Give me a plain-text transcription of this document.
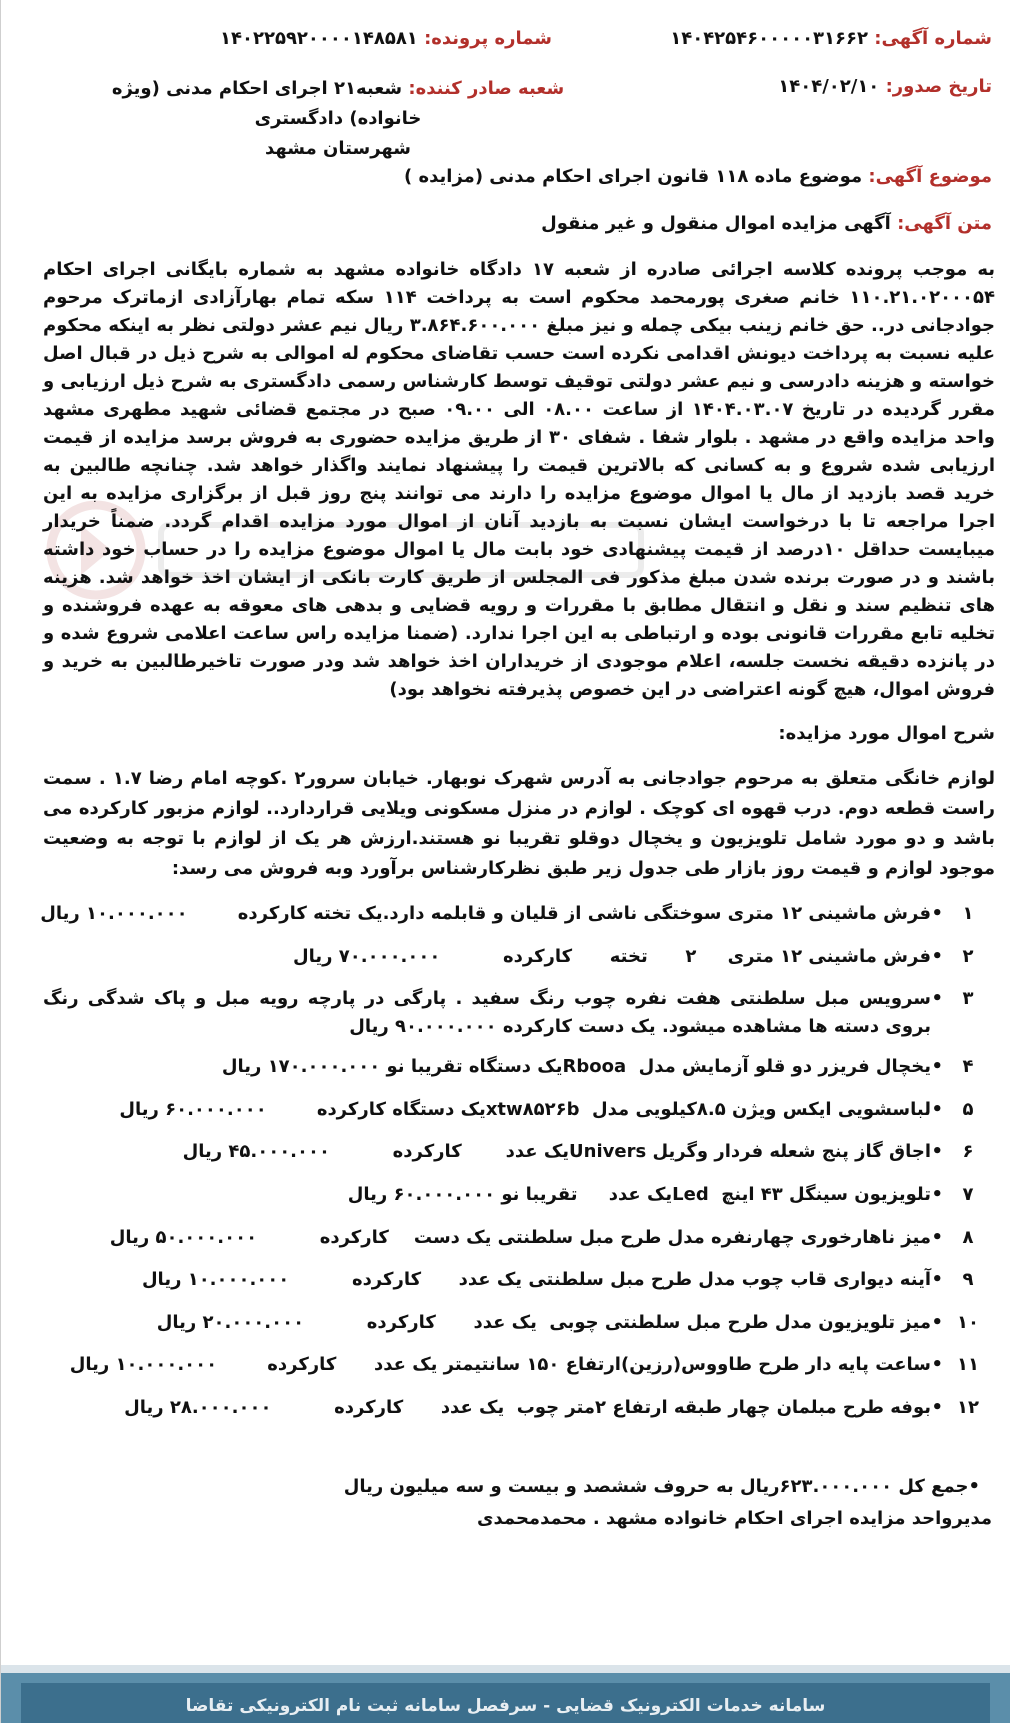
شماره آگهی: ۱۴۰۴۲۵۴۶۰۰۰۰۰۳۱۶۶۲
شماره پرونده: ۱۴۰۲۲۵۹۲۰۰۰۰۱۴۸۵۸۱
تاریخ صدور: ۱۴۰۴/۰۲/۱۰
شعبه صادر کننده: شعبه۲۱ اجرای احکام مدنی (ویژه خانواده) دادگستری
شهرستان مشهد
موضوع آگهی: موضوع ماده ۱۱۸ قانون اجرای احکام مدنی (مزایده )
متن آگهی: آگهی مزایده اموال منقول و غیر منقول
به موجب پرونده کلاسه اجرائی صادره از شعبه ۱۷ دادگاه خانواده مشهد به شماره بایگانی اجرای احکام ۱۱۰.۲۱.۰۲۰۰۰۵۴ خانم صغری پورمحمد محکوم است به پرداخت ۱۱۴ سکه تمام بهارآزادی ازماترک مرحوم جوادجانی در.. حق خانم زینب بیکی چمله و نیز مبلغ ۳.۸۶۴.۶۰۰.۰۰۰ ریال نیم عشر دولتی نظر به اینکه محکوم علیه نسبت به پرداخت دیونش اقدامی نکرده است حسب تقاضای محکوم له اموالی به شرح ذیل در قبال اصل خواسته و هزینه دادرسی و نیم عشر دولتی توقیف توسط کارشناس رسمی دادگستری به شرح ذیل ارزیابی و مقرر گردیده در تاریخ ۱۴۰۴.۰۳.۰۷ از ساعت ۰۸.۰۰ الی ۰۹.۰۰ صبح در مجتمع قضائی شهید مطهری مشهد واحد مزایده واقع در مشهد . بلوار شفا . شفای ۳۰ از طریق مزایده حضوری به فروش برسد مزایده از قیمت ارزیابی شده شروع و به کسانی که بالاترین قیمت را پیشنهاد نمایند واگذار خواهد شد. چنانچه طالبین به خرید قصد بازدید از مال یا اموال موضوع مزایده را دارند می توانند پنج روز قبل از برگزاری مزایده به این اجرا مراجعه تا با درخواست ایشان نسبت به بازدید آنان از اموال مورد مزایده اقدام گردد. ضمناً خریدار میبایست حداقل ۱۰درصد از قیمت پیشنهادی خود بابت مال یا اموال موضوع مزایده را در حساب خود داشته باشند و در صورت برنده شدن مبلغ مذکور فی المجلس از طریق کارت بانکی از ایشان اخذ خواهد شد. هزینه های تنظیم سند و نقل و انتقال مطابق با مقررات و رویه قضایی و بدهی های معوقه به عهده فروشنده و تخلیه تابع مقررات قانونی بوده و ارتباطی به این اجرا ندارد. (ضمنا مزایده راس ساعت اعلامی شروع شده و در پانزده دقیقه نخست جلسه، اعلام موجودی از خریداران اخذ خواهد شد ودر صورت تاخیرطالبین به خرید و فروش اموال، هیچ گونه اعتراضی در این خصوص پذیرفته نخواهد بود)
شرح اموال مورد مزایده:
لوازم خانگی متعلق به مرحوم جوادجانی به آدرس شهرک نوبهار. خیابان سرور۲ .کوچه امام رضا ۱.۷ . سمت راست قطعه دوم. درب قهوه ای کوچک . لوازم در منزل مسکونی ویلایی قراردارد.. لوازم مزبور کارکرده می باشد و دو مورد شامل تلویزیون و یخچال دوقلو تقریبا نو هستند.ارزش هر یک از لوازم با توجه به وضعیت موجود لوازم و قیمت روز بازار طی جدول زیر طبق نظرکارشناس برآورد وبه فروش می رسد:
۱
•
فرش ماشینی ۱۲ متری سوختگی ناشی از قلیان و قابلمه دارد.یک تخته کارکرده        ۱۰.۰۰۰.۰۰۰ ریال
۲
•
فرش ماشینی ۱۲ متری     ۲      تخته      کارکرده          ۷۰.۰۰۰.۰۰۰ ریال
۳
•
سرویس مبل سلطنتی هفت نفره چوب رنگ سفید . پارگی در پارچه رویه مبل و پاک شدگی رنگ بروی دسته ها مشاهده میشود. یک دست کارکرده ۹۰.۰۰۰.۰۰۰ ریال
۴
•
یخچال فریزر دو قلو آزمایش مدل  Rbooaیک دستگاه تقریبا نو ۱۷۰.۰۰۰.۰۰۰ ریال
۵
•
لباسشویی ایکس ویژن ۸.۵کیلویی مدل  xtw۸۵۲۶bیک دستگاه کارکرده        ۶۰.۰۰۰.۰۰۰ ریال
۶
•
اجاق گاز پنج شعله فردار وگریل Universیک عدد       کارکرده          ۴۵.۰۰۰.۰۰۰ ریال
۷
•
تلویزیون سینگل ۴۳ اینچ  Ledیک عدد     تقریبا نو ۶۰.۰۰۰.۰۰۰ ریال
۸
•
میز ناهارخوری چهارنفره مدل طرح مبل سلطنتی یک دست    کارکرده          ۵۰.۰۰۰.۰۰۰ ریال
۹
•
آینه دیواری قاب چوب مدل طرح مبل سلطنتی یک عدد      کارکرده          ۱۰.۰۰۰.۰۰۰ ریال
۱۰
•
میز تلویزیون مدل طرح مبل سلطنتی چوبی  یک عدد      کارکرده          ۲۰.۰۰۰.۰۰۰ ریال
۱۱
•
ساعت پایه دار طرح طاووس(رزین)ارتفاع ۱۵۰ سانتیمتر یک عدد      کارکرده        ۱۰.۰۰۰.۰۰۰ ریال
۱۲
•
بوفه طرح مبلمان چهار طبقه ارتفاع ۲متر چوب  یک عدد      کارکرده          ۲۸.۰۰۰.۰۰۰ ریال
•جمع کل ۶۲۳.۰۰۰.۰۰۰ریال به حروف ششصد و بیست و سه میلیون ریال
مدیرواحد مزایده اجرای احکام خانواده مشهد . محمدمحمدی
سامانه خدمات الکترونیک قضایی - سرفصل سامانه ثبت نام الکترونیکی تقاضا
